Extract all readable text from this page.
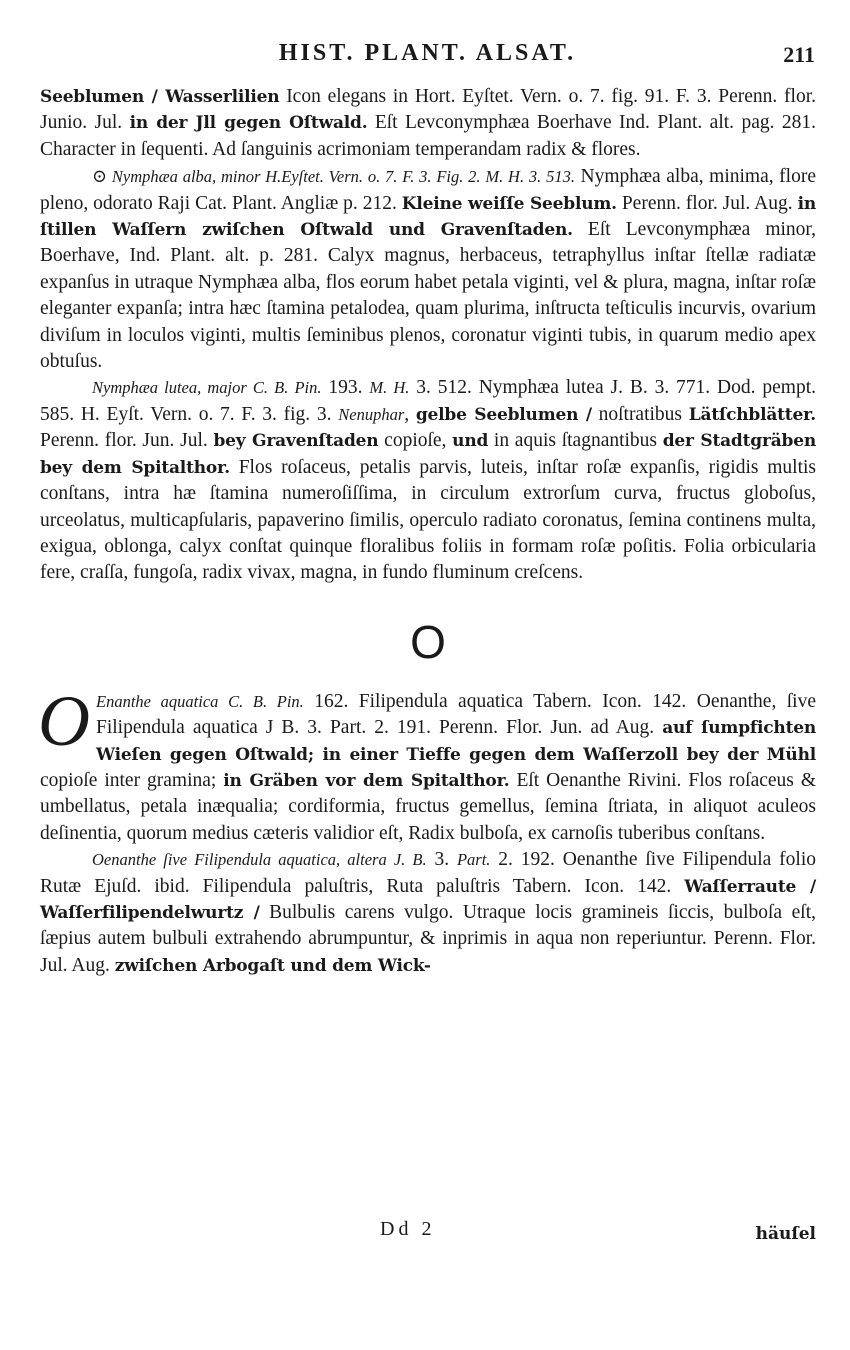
HIST. PLANT. ALSAT.	211

Seeblumen / Wasserlilien Icon elegans in Hort. Eyſtet. Vern. o. 7. fig. 91. F. 3. Perenn. flor. Junio. Jul. in der Jll gegen Oſtwald. Eſt Levconymphæa Boerhave Ind. Plant. alt. pag. 281. Character in ſequenti. Ad ſanguinis acrimoniam temperandam radix & flores.

⊙ Nymphæa alba, minor H.Eyſtet. Vern. o. 7. F. 3. Fig. 2. M. H. 3. 513. Nymphæa alba, minima, flore pleno, odorato Raji Cat. Plant. Angliæ p. 212. Kleine weiſſe Seeblum. Perenn. flor. Jul. Aug. in ſtillen Waſſern zwiſchen Oſtwald und Gravenſtaden. Eſt Levconymphæa minor, Boerhave, Ind. Plant. alt. p. 281. Calyx magnus, herbaceus, tetraphyllus inſtar ſtellæ radiatæ expanſus in utraque Nymphæa alba, flos eorum habet petala viginti, vel & plura, magna, inſtar roſæ eleganter expanſa; intra hæc ſtamina petalodea, quam plurima, inſtructa teſticulis incurvis, ovarium diviſum in loculos viginti, multis ſeminibus plenos, coronatur viginti tubis, in quarum medio apex obtuſus.

Nymphæa lutea, major C. B. Pin. 193. M. H. 3. 512. Nymphæa lutea J. B. 3. 771. Dod. pempt. 585. H. Eyſt. Vern. o. 7. F. 3. fig. 3. Nenuphar, gelbe Seeblumen / noſtratibus Lätſchblätter. Perenn. flor. Jun. Jul. bey Gravenſtaden copioſe, und in aquis ſtagnantibus der Stadtgräben bey dem Spitalthor. Flos roſaceus, petalis parvis, luteis, inſtar roſæ expanſis, rigidis multis conſtans, intra hæ ſtamina numeroſiſſima, in circulum extrorſum curva, fructus globoſus, urceolatus, multicapſularis, papaverino ſimilis, operculo radiato coronatus, ſemina continens multa, exigua, oblonga, calyx conſtat quinque floralibus foliis in formam roſæ poſitis. Folia orbicularia fere, craſſa, fungoſa, radix vivax, magna, in fundo fluminum creſcens.

O

O Enanthe aquatica C. B. Pin. 162. Filipendula aquatica Tabern. Icon. 142. Oenanthe, ſive Filipendula aquatica J B. 3. Part. 2. 191. Perenn. Flor. Jun. ad Aug. auf ſumpfichten Wieſen gegen Oſtwald; in einer Tieffe gegen dem Waſſerzoll bey der Mühl copioſe inter gramina; in Gräben vor dem Spitalthor. Eſt Oenanthe Rivini. Flos roſaceus & umbellatus, petala inæqualia; cordiformia, fructus gemellus, ſemina ſtriata, in aliquot aculeos deſinentia, quorum medius cæteris validior eſt, Radix bulboſa, ex carnoſis tuberibus conſtans.

Oenanthe ſive Filipendula aquatica, altera J. B. 3. Part. 2. 192. Oenanthe ſive Filipendula folio Rutæ Ejuſd. ibid. Filipendula paluſtris, Ruta paluſtris Tabern. Icon. 142. Waſſerraute / Waſſerfilipendelwurtz / Bulbulis carens vulgo. Utraque locis gramineis ſiccis, bulboſa eſt, ſæpius autem bulbuli extrahendo abrumpuntur, & inprimis in aqua non reperiuntur. Perenn. Flor. Jul. Aug. zwiſchen Arbogaſt und dem Wick-

Dd 2	häuſel
